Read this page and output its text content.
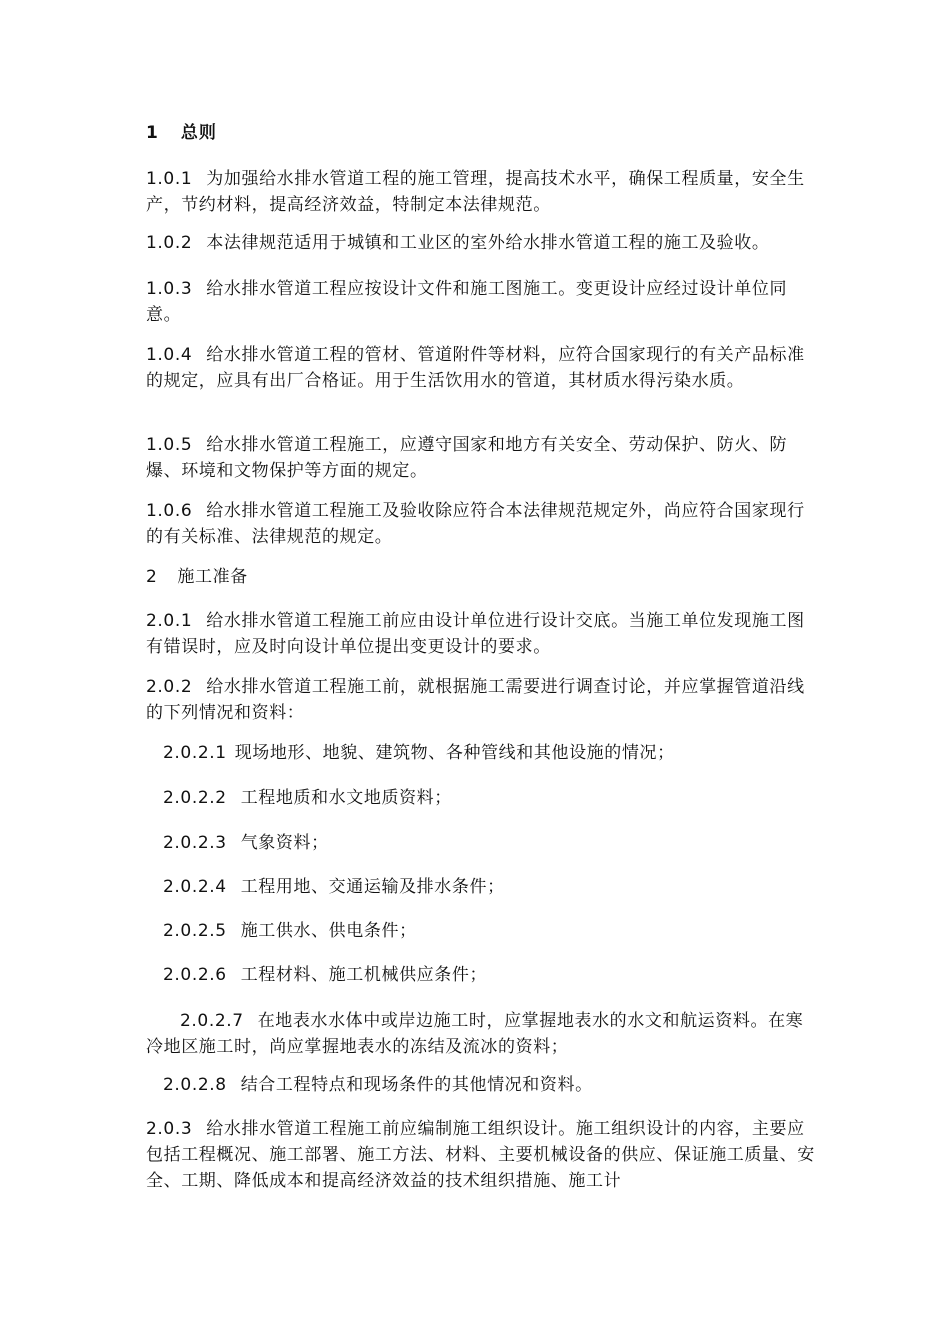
1 总则

1.0.1 为加强给水排水管道工程的施工管理，提高技术水平，确保工程质量，安全生产，节约材料，提高经济效益，特制定本法律规范。

1.0.2 本法律规范适用于城镇和工业区的室外给水排水管道工程的施工及验收。

1.0.3 给水排水管道工程应按设计文件和施工图施工。变更设计应经过设计单位同意。

1.0.4 给水排水管道工程的管材、管道附件等材料，应符合国家现行的有关产品标准的规定，应具有出厂合格证。用于生活饮用水的管道，其材质水得污染水质。

1.0.5 给水排水管道工程施工，应遵守国家和地方有关安全、劳动保护、防火、防爆、环境和文物保护等方面的规定。

1.0.6 给水排水管道工程施工及验收除应符合本法律规范规定外，尚应符合国家现行的有关标准、法律规范的规定。

2 施工准备

2.0.1 给水排水管道工程施工前应由设计单位进行设计交底。当施工单位发现施工图有错误时，应及时向设计单位提出变更设计的要求。

2.0.2 给水排水管道工程施工前，就根据施工需要进行调查讨论，并应掌握管道沿线的下列情况和资料：

2.0.2.1 现场地形、地貌、建筑物、各种管线和其他设施的情况；

2.0.2.2 工程地质和水文地质资料；

2.0.2.3 气象资料；

2.0.2.4 工程用地、交通运输及排水条件；

2.0.2.5 施工供水、供电条件；

2.0.2.6 工程材料、施工机械供应条件；

2.0.2.7 在地表水水体中或岸边施工时，应掌握地表水的水文和航运资料。在寒冷地区施工时，尚应掌握地表水的冻结及流冰的资料；

2.0.2.8 结合工程特点和现场条件的其他情况和资料。

2.0.3 给水排水管道工程施工前应编制施工组织设计。施工组织设计的内容，主要应包括工程概况、施工部署、施工方法、材料、主要机械设备的供应、保证施工质量、安全、工期、降低成本和提高经济效益的技术组织措施、施工计
